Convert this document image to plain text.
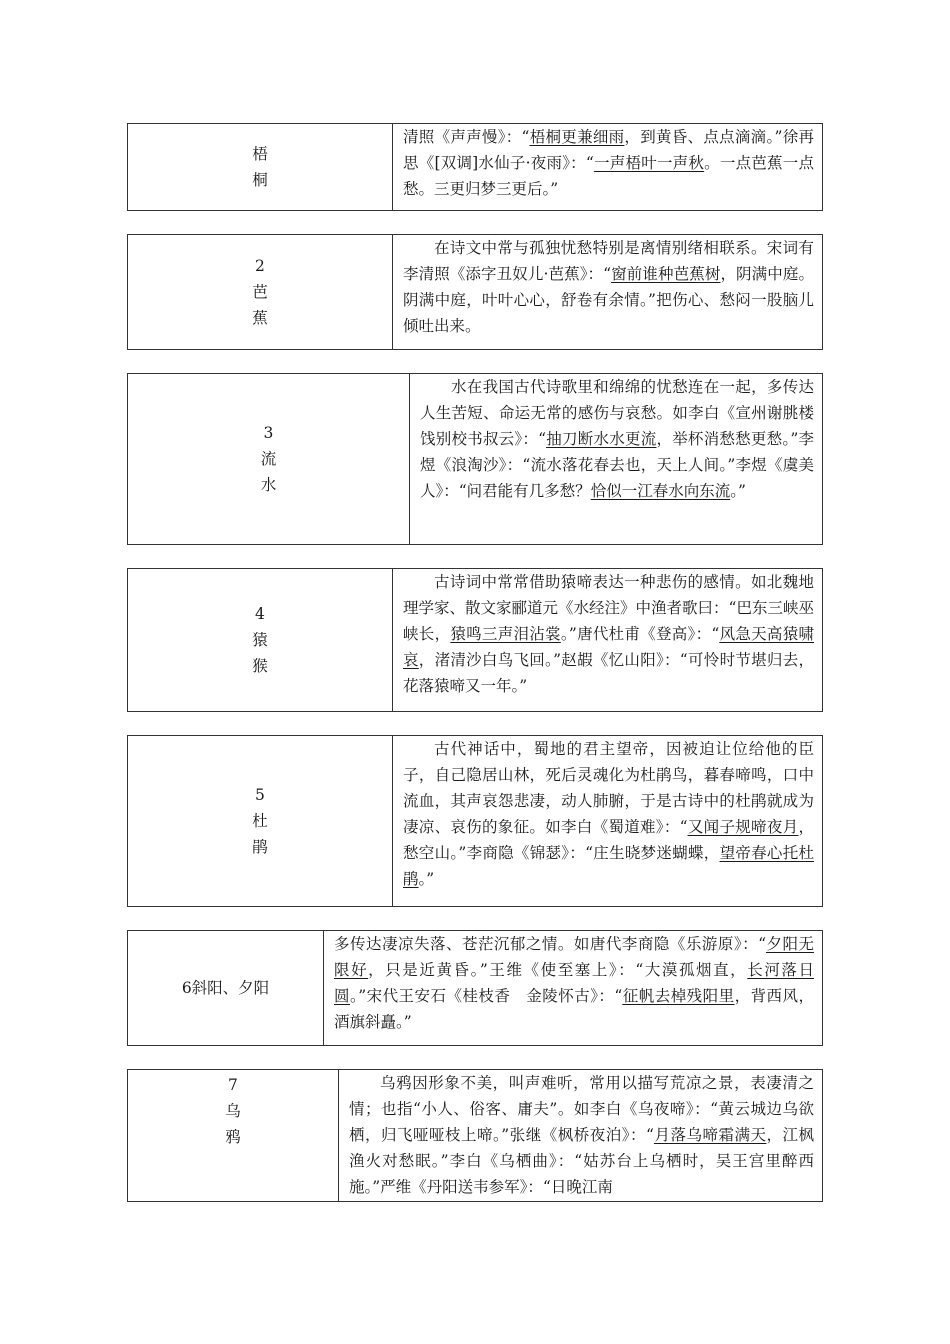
梧
桐
清照《声声慢》：“梧桐更兼细雨，到黄昏、点点滴滴。”徐再思《[双调]水仙子·夜雨》：“一声梧叶一声秋。一点芭蕉一点愁。三更归梦三更后。”
2
芭
蕉
在诗文中常与孤独忧愁特别是离情别绪相联系。宋词有李清照《添字丑奴儿·芭蕉》：“窗前谁种芭蕉树，阴满中庭。阴满中庭，叶叶心心，舒卷有余情。”把伤心、愁闷一股脑儿倾吐出来。
3
流
水
水在我国古代诗歌里和绵绵的忧愁连在一起，多传达人生苦短、命运无常的感伤与哀愁。如李白《宣州谢朓楼饯别校书叔云》：“抽刀断水水更流，举杯消愁愁更愁。”李煜《浪淘沙》：“流水落花春去也，天上人间。”李煜《虞美人》：“问君能有几多愁？恰似一江春水向东流。”
4
猿
猴
古诗词中常常借助猿啼表达一种悲伤的感情。如北魏地理学家、散文家郦道元《水经注》中渔者歌曰：“巴东三峡巫峡长，猿鸣三声泪沾裳。”唐代杜甫《登高》：“风急天高猿啸哀，渚清沙白鸟飞回。”赵嘏《忆山阳》：“可怜时节堪归去，花落猿啼又一年。”
5
杜
鹃
古代神话中，蜀地的君主望帝，因被迫让位给他的臣子，自己隐居山林，死后灵魂化为杜鹃鸟，暮春啼鸣，口中流血，其声哀怨悲凄，动人肺腑，于是古诗中的杜鹃就成为凄凉、哀伤的象征。如李白《蜀道难》：“又闻子规啼夜月，愁空山。”李商隐《锦瑟》：“庄生晓梦迷蝴蝶，望帝春心托杜鹃。”
6斜阳、夕阳
多传达凄凉失落、苍茫沉郁之情。如唐代李商隐《乐游原》：“夕阳无限好，只是近黄昏。”王维《使至塞上》：“大漠孤烟直，长河落日圆。”宋代王安石《桂枝香　金陵怀古》：“征帆去棹残阳里，背西风，酒旗斜矗。”
7
乌
鸦
乌鸦因形象不美，叫声难听，常用以描写荒凉之景，表凄清之情；也指“小人、俗客、庸夫”。如李白《乌夜啼》：“黄云城边乌欲栖，归飞哑哑枝上啼。”张继《枫桥夜泊》：“月落乌啼霜满天，江枫渔火对愁眠。”李白《乌栖曲》：“姑苏台上乌栖时，吴王宫里醉西施。”严维《丹阳送韦参军》：“日晚江南
